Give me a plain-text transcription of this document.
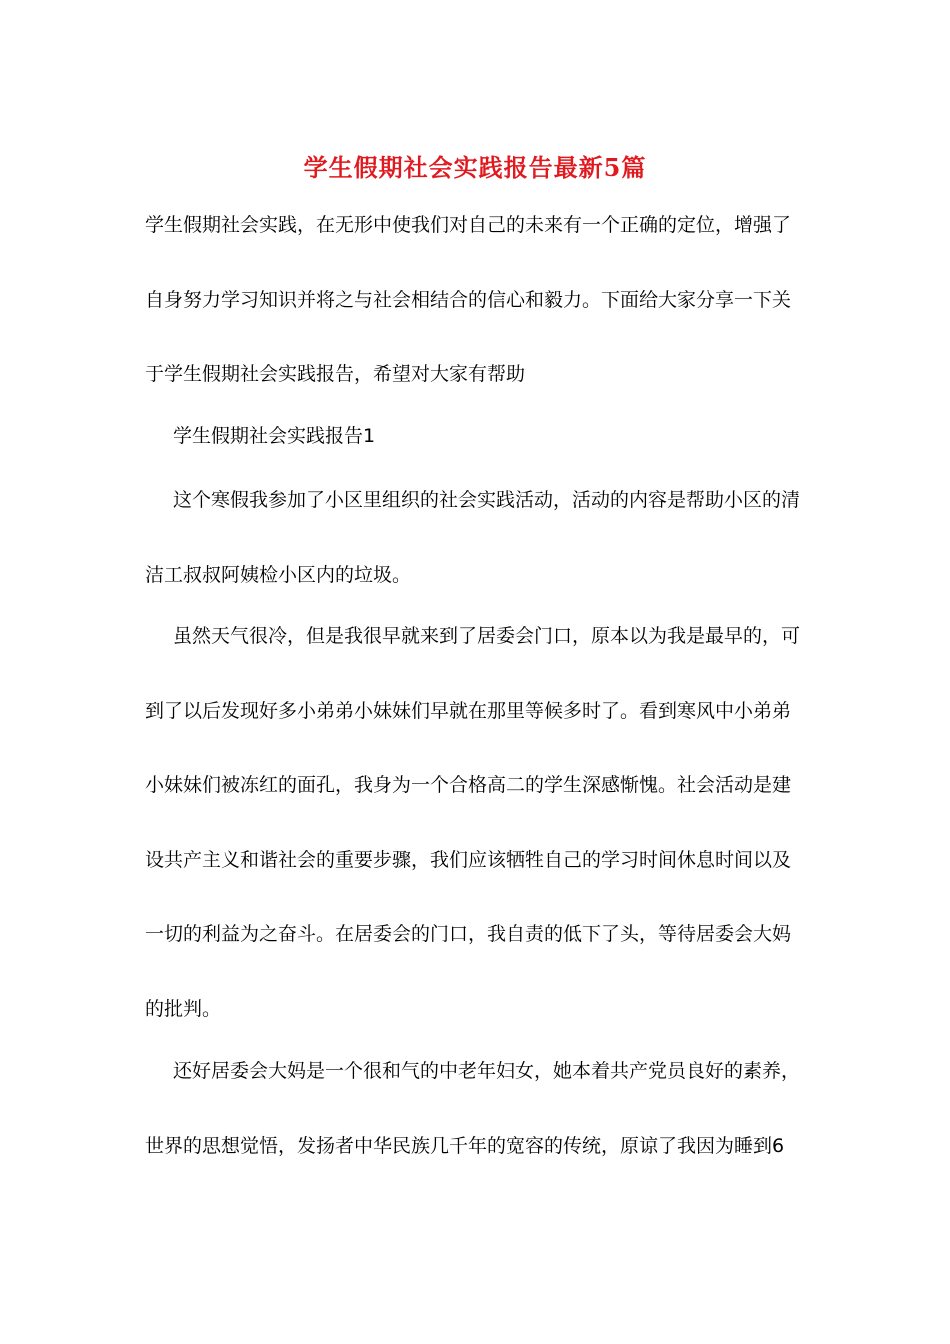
学生假期社会实践报告最新5篇
学生假期社会实践，在无形中使我们对自己的未来有一个正确的定位，增强了
自身努力学习知识并将之与社会相结合的信心和毅力。下面给大家分享一下关
于学生假期社会实践报告，希望对大家有帮助
学生假期社会实践报告1
这个寒假我参加了小区里组织的社会实践活动，活动的内容是帮助小区的清
洁工叔叔阿姨检小区内的垃圾。
虽然天气很冷，但是我很早就来到了居委会门口，原本以为我是最早的，可
到了以后发现好多小弟弟小妹妹们早就在那里等候多时了。看到寒风中小弟弟
小妹妹们被冻红的面孔，我身为一个合格高二的学生深感惭愧。社会活动是建
设共产主义和谐社会的重要步骤，我们应该牺牲自己的学习时间休息时间以及
一切的利益为之奋斗。在居委会的门口，我自责的低下了头，等待居委会大妈
的批判。
还好居委会大妈是一个很和气的中老年妇女，她本着共产党员良好的素养，
世界的思想觉悟，发扬者中华民族几千年的宽容的传统，原谅了我因为睡到6
